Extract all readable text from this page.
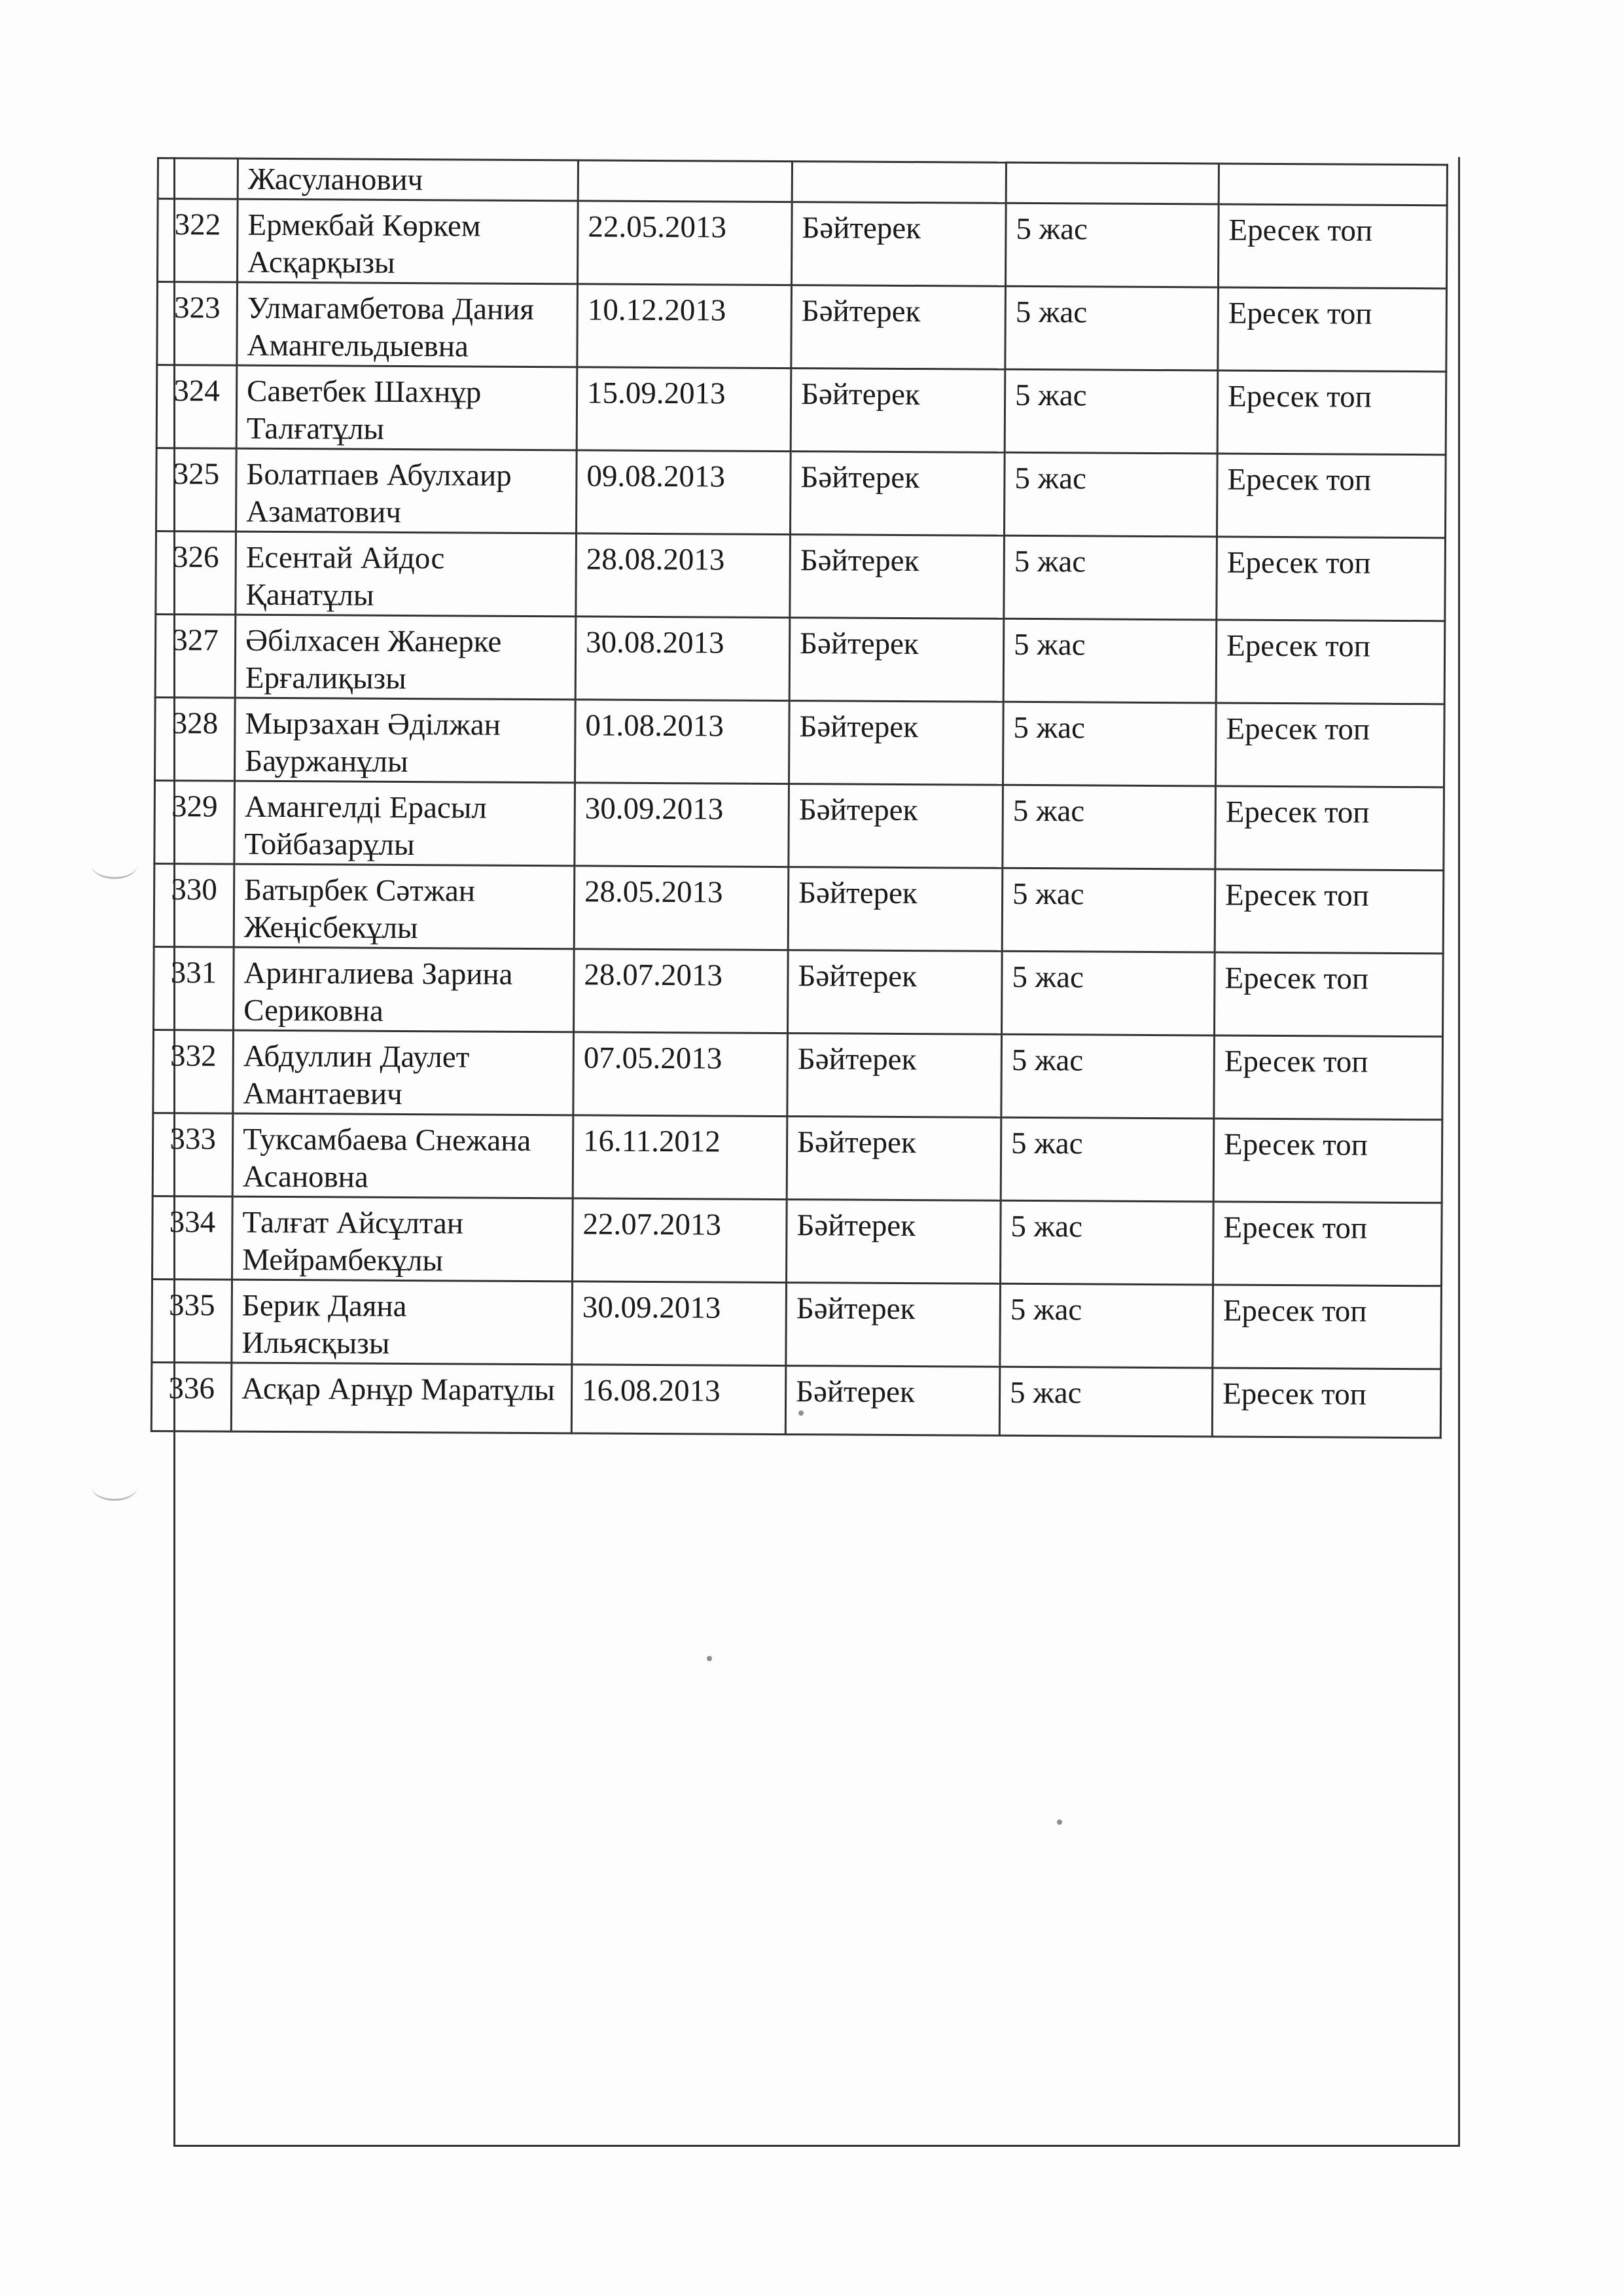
	Жасуланович				
322	Ермекбай Көркем Асқарқызы	22.05.2013	Бәйтерек	5 жас	Ересек топ
323	Улмагамбетова Дания Амангельдыевна	10.12.2013	Бәйтерек	5 жас	Ересек топ
324	Саветбек Шахнұр Талғатұлы	15.09.2013	Бәйтерек	5 жас	Ересек топ
325	Болатпаев Абулхаир Азаматович	09.08.2013	Бәйтерек	5 жас	Ересек топ
326	Есентай Айдос Қанатұлы	28.08.2013	Бәйтерек	5 жас	Ересек топ
327	Әбілхасен Жанерке Ерғалиқызы	30.08.2013	Бәйтерек	5 жас	Ересек топ
328	Мырзахан Әділжан Бауржанұлы	01.08.2013	Бәйтерек	5 жас	Ересек топ
329	Амангелді Ерасыл Тойбазарұлы	30.09.2013	Бәйтерек	5 жас	Ересек топ
330	Батырбек Сәтжан Жеңісбекұлы	28.05.2013	Бәйтерек	5 жас	Ересек топ
331	Арингалиева Зарина Сериковна	28.07.2013	Бәйтерек	5 жас	Ересек топ
332	Абдуллин Даулет Амантаевич	07.05.2013	Бәйтерек	5 жас	Ересек топ
333	Туксамбаева Снежана Асановна	16.11.2012	Бәйтерек	5 жас	Ересек топ
334	Талғат Айсұлтан Мейрамбекұлы	22.07.2013	Бәйтерек	5 жас	Ересек топ
335	Берик Даяна Ильясқызы	30.09.2013	Бәйтерек	5 жас	Ересек топ
336	Асқар Арнұр Маратұлы	16.08.2013	Бәйтерек	5 жас	Ересек топ
